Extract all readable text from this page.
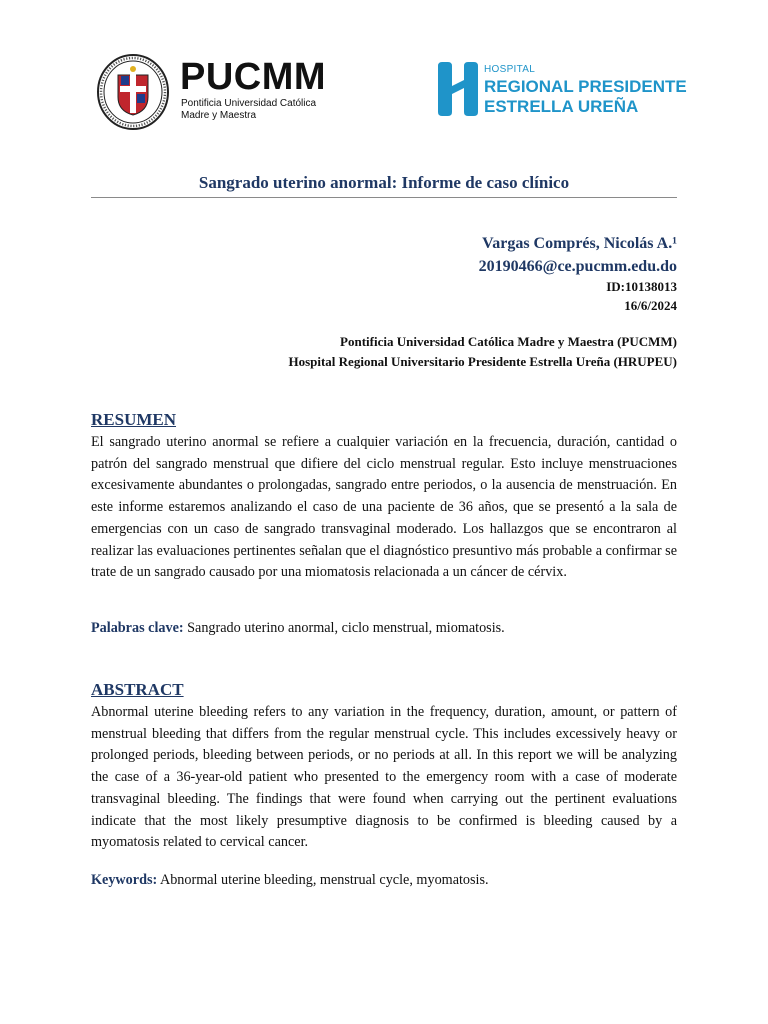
PUCMM
Pontificia Universidad Católica
Madre y Maestra
HOSPITAL
REGIONAL PRESIDENTE
ESTRELLA UREÑA
Sangrado uterino anormal: Informe de caso clínico
Vargas Comprés, Nicolás A.¹
20190466@ce.pucmm.edu.do
ID:10138013
16/6/2024
Pontificia Universidad Católica Madre y Maestra (PUCMM)
Hospital Regional Universitario Presidente Estrella Ureña (HRUPEU)
RESUMEN

El sangrado uterino anormal se refiere a cualquier variación en la frecuencia, duración, cantidad o patrón del sangrado menstrual que difiere del ciclo menstrual regular. Esto incluye menstruaciones excesivamente abundantes o prolongadas, sangrado entre periodos, o la ausencia de menstruación. En este informe estaremos analizando el caso de una paciente de 36 años, que se presentó a la sala de emergencias con un caso de sangrado transvaginal moderado. Los hallazgos que se encontraron al realizar las evaluaciones pertinentes señalan que el diagnóstico presuntivo más probable a confirmar se trate de un sangrado causado por una miomatosis relacionada a un cáncer de cérvix.

Palabras clave: Sangrado uterino anormal, ciclo menstrual, miomatosis.
ABSTRACT

Abnormal uterine bleeding refers to any variation in the frequency, duration, amount, or pattern of menstrual bleeding that differs from the regular menstrual cycle. This includes excessively heavy or prolonged periods, bleeding between periods, or no periods at all. In this report we will be analyzing the case of a 36-year-old patient who presented to the emergency room with a case of moderate transvaginal bleeding. The findings that were found when carrying out the pertinent evaluations indicate that the most likely presumptive diagnosis to be confirmed is bleeding caused by a myomatosis related to cervical cancer.

Keywords: Abnormal uterine bleeding, menstrual cycle, myomatosis.
